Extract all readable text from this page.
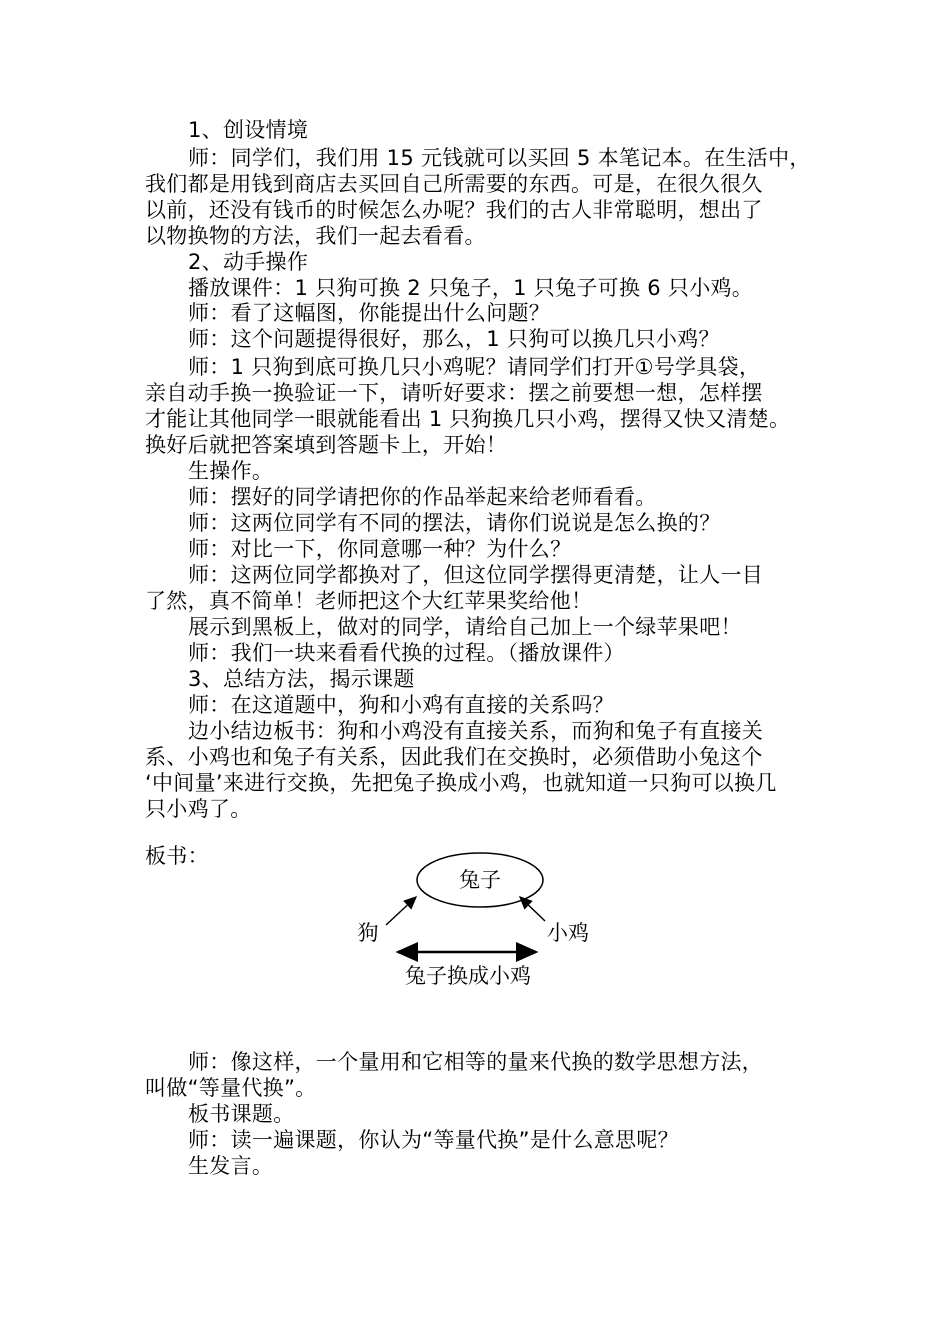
1、创设情境
师：同学们，我们用 15 元钱就可以买回 5 本笔记本。在生活中，
我们都是用钱到商店去买回自己所需要的东西。可是，在很久很久
以前，还没有钱币的时候怎么办呢？我们的古人非常聪明，想出了
以物换物的方法，我们一起去看看。
2、动手操作
播放课件：1 只狗可换 2 只兔子，1 只兔子可换 6 只小鸡。
师：看了这幅图，你能提出什么问题？
师：这个问题提得很好，那么，1 只狗可以换几只小鸡？
师：1 只狗到底可换几只小鸡呢？请同学们打开①号学具袋，
亲自动手换一换验证一下，请听好要求：摆之前要想一想，怎样摆
才能让其他同学一眼就能看出 1 只狗换几只小鸡，摆得又快又清楚。
换好后就把答案填到答题卡上，开始！
生操作。
师：摆好的同学请把你的作品举起来给老师看看。
师：这两位同学有不同的摆法，请你们说说是怎么换的？
师：对比一下，你同意哪一种？为什么？
师：这两位同学都换对了，但这位同学摆得更清楚，让人一目
了然，真不简单！老师把这个大红苹果奖给他！
展示到黑板上，做对的同学，请给自己加上一个绿苹果吧！
师：我们一块来看看代换的过程。（播放课件）
3、总结方法，揭示课题
师：在这道题中，狗和小鸡有直接的关系吗？
边小结边板书：狗和小鸡没有直接关系，而狗和兔子有直接关
系、小鸡也和兔子有关系，因此我们在交换时，必须借助小兔这个
‘中间量’来进行交换，先把兔子换成小鸡，也就知道一只狗可以换几
只小鸡了。
板书：
兔子
狗	小鸡
兔子换成小鸡
师：像这样，一个量用和它相等的量来代换的数学思想方法，
叫做“等量代换”。
板书课题。
师：读一遍课题，你认为“等量代换”是什么意思呢？
生发言。
